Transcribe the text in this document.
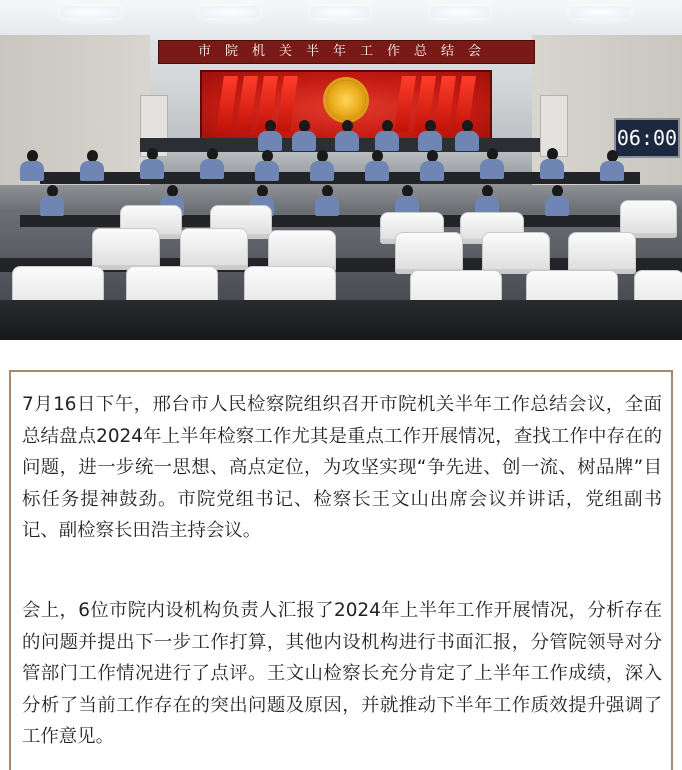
市院机关半年工作总结会
06:00

7月16日下午，邢台市人民检察院组织召开市院机关半年工作总结会议，全面总结盘点2024年上半年检察工作尤其是重点工作开展情况，查找工作中存在的问题，进一步统一思想、高点定位，为攻坚实现“争先进、创一流、树品牌”目标任务提神鼓劲。市院党组书记、检察长王文山出席会议并讲话，党组副书记、副检察长田浩主持会议。

会上，6位市院内设机构负责人汇报了2024年上半年工作开展情况，分析存在的问题并提出下一步工作打算，其他内设机构进行书面汇报，分管院领导对分管部门工作情况进行了点评。王文山检察长充分肯定了上半年工作成绩，深入分析了当前工作存在的突出问题及原因，并就推动下半年工作质效提升强调了工作意见。
